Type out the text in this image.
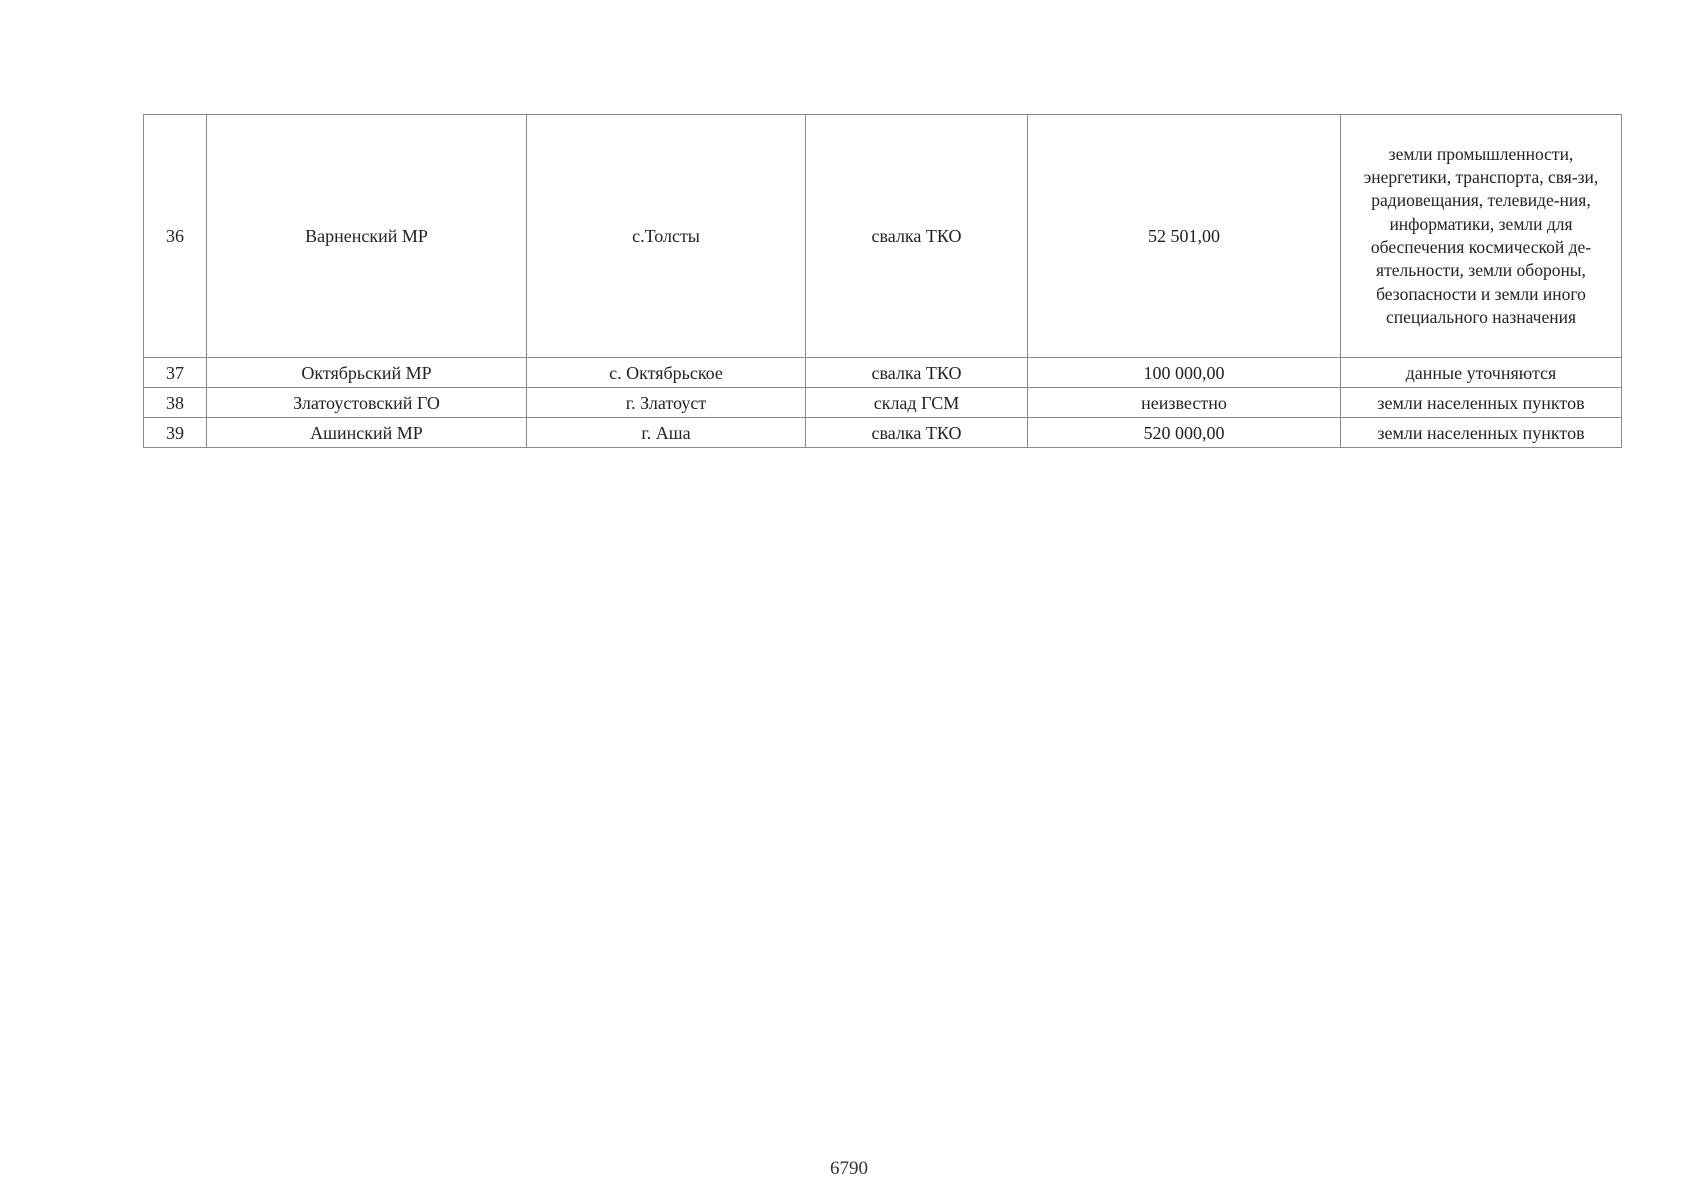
36	Варненский МР	с.Толсты	свалка ТКО	52 501,00	земли промышленности, энергетики, транспорта, свя-зи, радиовещания, телевиде-ния, информатики, земли для обеспечения космической де-ятельности, земли обороны, безопасности и земли иного специального назначения
37	Октябрьский МР	с. Октябрьское	свалка ТКО	100 000,00	данные уточняются
38	Златоустовский ГО	г. Златоуст	склад ГСМ	неизвестно	земли населенных пунктов
39	Ашинский МР	г. Аша	свалка ТКО	520 000,00	земли населенных пунктов
6790
